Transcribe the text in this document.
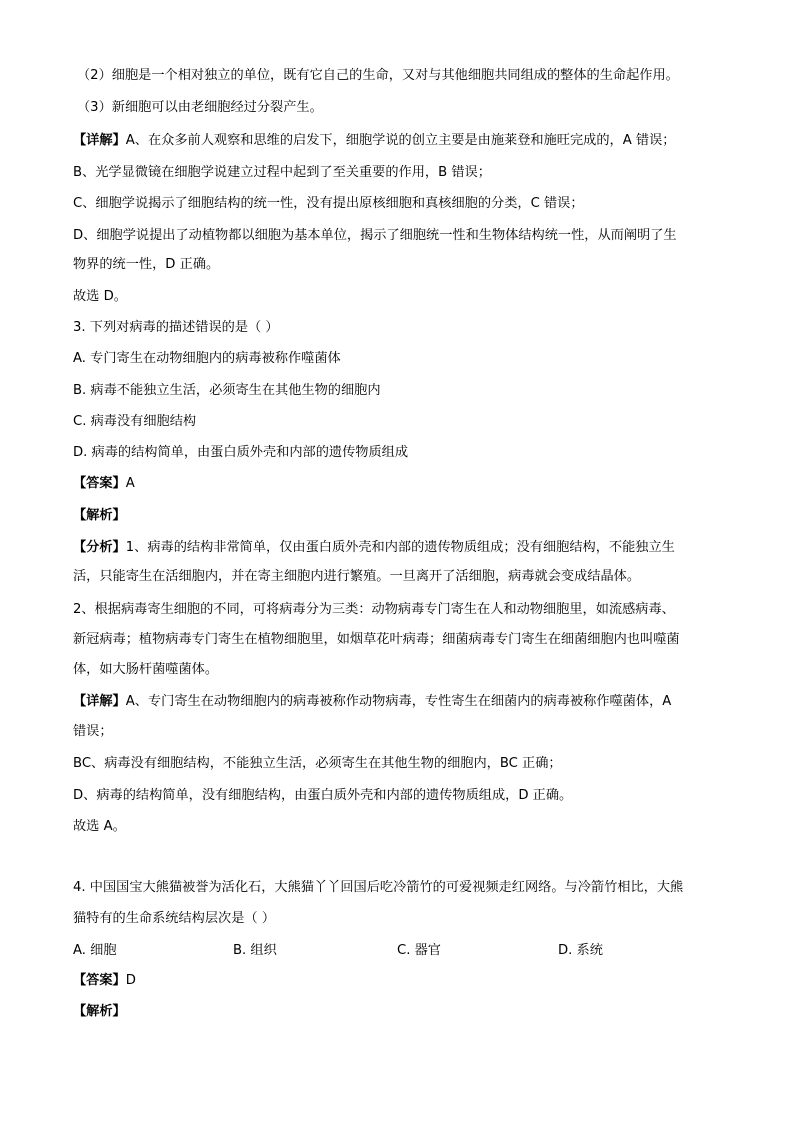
（2）细胞是一个相对独立的单位，既有它自己的生命，又对与其他细胞共同组成的整体的生命起作用。
（3）新细胞可以由老细胞经过分裂产生。
【详解】A、在众多前人观察和思维的启发下，细胞学说的创立主要是由施莱登和施旺完成的，A 错误；
B、光学显微镜在细胞学说建立过程中起到了至关重要的作用，B 错误；
C、细胞学说揭示了细胞结构的统一性，没有提出原核细胞和真核细胞的分类，C 错误；
D、细胞学说提出了动植物都以细胞为基本单位，揭示了细胞统一性和生物体结构统一性，从而阐明了生
物界的统一性，D 正确。
故选 D。
3. 下列对病毒的描述错误的是（ ）
A. 专门寄生在动物细胞内的病毒被称作噬菌体
B. 病毒不能独立生活，必须寄生在其他生物的细胞内
C. 病毒没有细胞结构
D. 病毒的结构简单，由蛋白质外壳和内部的遗传物质组成
【答案】A
【解析】
【分析】1、病毒的结构非常简单，仅由蛋白质外壳和内部的遗传物质组成；没有细胞结构，不能独立生
活，只能寄生在活细胞内，并在寄主细胞内进行繁殖。一旦离开了活细胞，病毒就会变成结晶体。
2、根据病毒寄生细胞的不同，可将病毒分为三类：动物病毒专门寄生在人和动物细胞里，如流感病毒、
新冠病毒；植物病毒专门寄生在植物细胞里，如烟草花叶病毒；细菌病毒专门寄生在细菌细胞内也叫噬菌
体，如大肠杆菌噬菌体。
【详解】A、专门寄生在动物细胞内的病毒被称作动物病毒，专性寄生在细菌内的病毒被称作噬菌体，A
错误；
BC、病毒没有细胞结构，不能独立生活，必须寄生在其他生物的细胞内，BC 正确；
D、病毒的结构简单，没有细胞结构，由蛋白质外壳和内部的遗传物质组成，D 正确。
故选 A。
4. 中国国宝大熊猫被誉为活化石，大熊猫丫丫回国后吃冷箭竹的可爱视频走红网络。与冷箭竹相比，大熊
猫特有的生命系统结构层次是（ ）
A. 细胞	B. 组织	C. 器官	D. 系统
【答案】D
【解析】
